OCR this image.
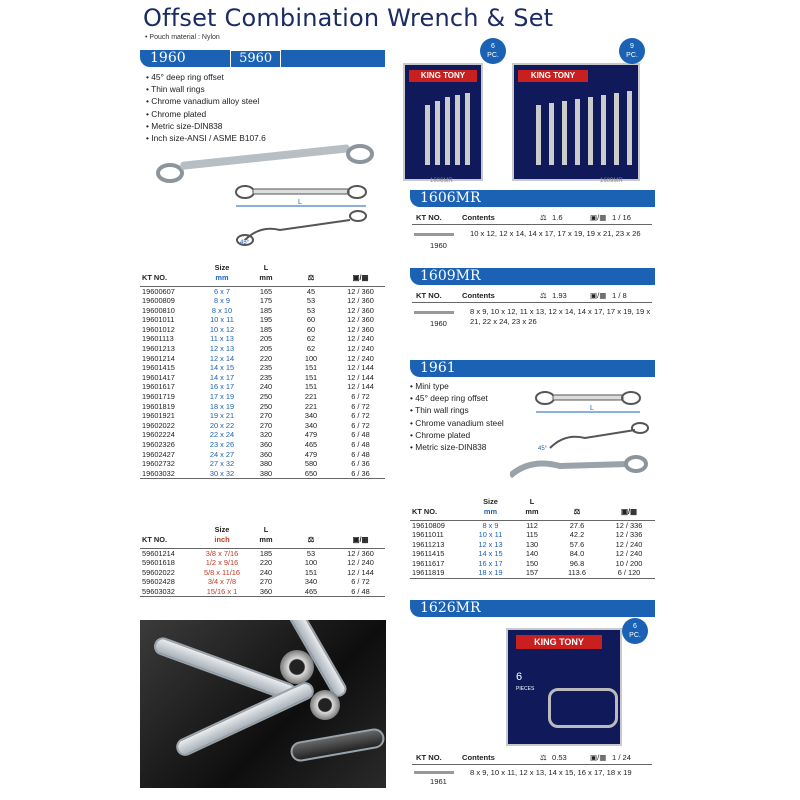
Offset Combination Wrench & Set
• Pouch material : Nylon
1960	5960
• 45° deep ring offset
• Thin wall rings
• Chrome vanadium alloy steel
• Chrome plated
• Metric size-DIN838
• Inch size-ANSI / ASME B107.6
L
45°
KT NO.	Size
mm	L
mm	⚖	▣/▦
19600607	6 x 7	165	45	12 / 360
19600809	8 x 9	175	53	12 / 360
19600810	8 x 10	185	53	12 / 360
19601011	10 x 11	195	60	12 / 360
19601012	10 x 12	185	60	12 / 360
19601113	11 x 13	205	62	12 / 240
19601213	12 x 13	205	62	12 / 240
19601214	12 x 14	220	100	12 / 240
19601415	14 x 15	235	151	12 / 144
19601417	14 x 17	235	151	12 / 144
19601617	16 x 17	240	151	12 / 144
19601719	17 x 19	250	221	6 / 72
19601819	18 x 19	250	221	6 / 72
19601921	19 x 21	270	340	6 / 72
19602022	20 x 22	270	340	6 / 72
19602224	22 x 24	320	479	6 / 48
19602326	23 x 26	360	465	6 / 48
19602427	24 x 27	360	479	6 / 48
19602732	27 x 32	380	580	6 / 36
19603032	30 x 32	380	650	6 / 36
KT NO.	Size
inch	L
mm	⚖	▣/▦
59601214	3/8 x 7/16	185	53	12 / 360
59601618	1/2 x 9/16	220	100	12 / 240
59602022	5/8 x 11/16	240	151	12 / 144
59602428	3/4 x 7/8	270	340	6 / 72
59603032	15/16 x 1	360	465	6 / 48
KING TONY
1606MR
6
PC.
KING TONY
1609MR
9
PC.
1606MR
KT NO.	Contents	⚖ 1.6	▣/▦ 1 / 16
1960
10 x 12, 12 x 14, 14 x 17, 17 x 19, 19 x 21, 23 x 26
1609MR
KT NO.	Contents	⚖ 1.93	▣/▦ 1 / 8
1960
8 x 9, 10 x 12, 11 x 13, 12 x 14, 14 x 17, 17 x 19, 19 x 21, 22 x 24, 23 x 26
1961
• Mini type
• 45° deep ring offset
• Thin wall rings
• Chrome vanadium steel
• Chrome plated
• Metric size-DIN838
L
45°
KT NO.	Size
mm	L
mm	⚖	▣/▦
19610809	8 x 9	112	27.6	12 / 336
19611011	10 x 11	115	42.2	12 / 336
19611213	12 x 13	130	57.6	12 / 240
19611415	14 x 15	140	84.0	12 / 240
19611617	16 x 17	150	96.8	10 / 200
19611819	18 x 19	157	113.6	6 / 120
1626MR
KING TONY
6
PIECES
6
PC.
KT NO.	Contents	⚖ 0.53	▣/▦ 1 / 24
1961
8 x 9, 10 x 11, 12 x 13, 14 x 15, 16 x 17, 18 x 19
